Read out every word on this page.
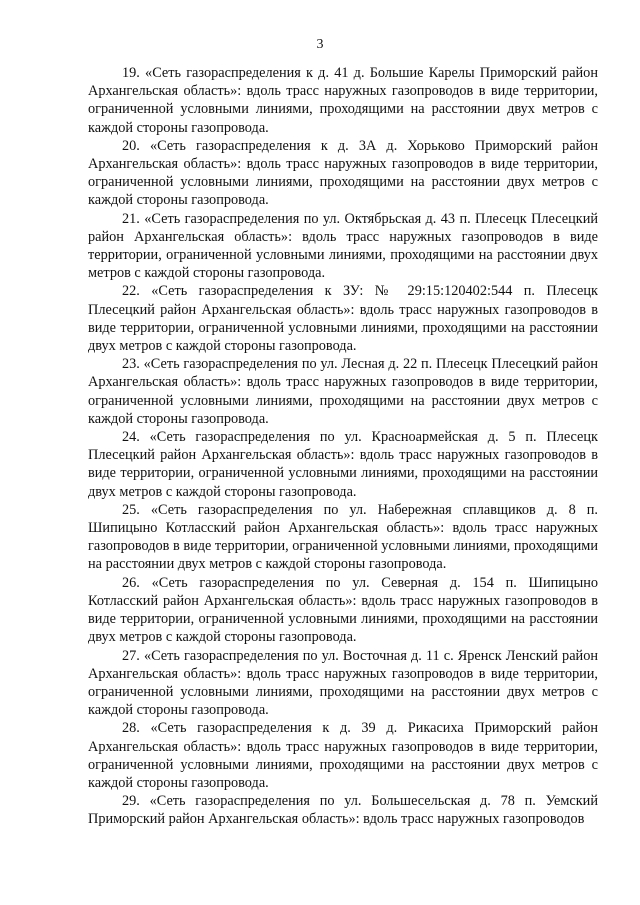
3

19. «Сеть газораспределения к д. 41 д. Большие Карелы Приморский район Архангельская область»: вдоль трасс наружных газопроводов в виде территории, ограниченной условными линиями, проходящими на расстоянии двух метров с каждой стороны газопровода.

20. «Сеть газораспределения к д. 3А д. Хорьково Приморский район Архангельская область»: вдоль трасс наружных газопроводов в виде территории, ограниченной условными линиями, проходящими на расстоянии двух метров с каждой стороны газопровода.

21. «Сеть газораспределения по ул. Октябрьская д. 43 п. Плесецк Плесецкий район Архангельская область»: вдоль трасс наружных газопроводов в виде территории, ограниченной условными линиями, проходящими на расстоянии двух метров с каждой стороны газопровода.

22. «Сеть газораспределения к ЗУ: № 29:15:120402:544 п. Плесецк Плесецкий район Архангельская область»: вдоль трасс наружных газопроводов в виде территории, ограниченной условными линиями, проходящими на расстоянии двух метров с каждой стороны газопровода.

23. «Сеть газораспределения по ул. Лесная д. 22 п. Плесецк Плесецкий район Архангельская область»: вдоль трасс наружных газопроводов в виде территории, ограниченной условными линиями, проходящими на расстоянии двух метров с каждой стороны газопровода.

24. «Сеть газораспределения по ул. Красноармейская д. 5 п. Плесецк Плесецкий район Архангельская область»: вдоль трасс наружных газопроводов в виде территории, ограниченной условными линиями, проходящими на расстоянии двух метров с каждой стороны газопровода.

25. «Сеть газораспределения по ул. Набережная сплавщиков д. 8 п. Шипицыно Котласский район Архангельская область»: вдоль трасс наружных газопроводов в виде территории, ограниченной условными линиями, проходящими на расстоянии двух метров с каждой стороны газопровода.

26. «Сеть газораспределения по ул. Северная д. 154 п. Шипицыно Котласский район Архангельская область»: вдоль трасс наружных газопроводов в виде территории, ограниченной условными линиями, проходящими на расстоянии двух метров с каждой стороны газопровода.

27. «Сеть газораспределения по ул. Восточная д. 11 с. Яренск Ленский район Архангельская область»: вдоль трасс наружных газопроводов в виде территории, ограниченной условными линиями, проходящими на расстоянии двух метров с каждой стороны газопровода.

28. «Сеть газораспределения к д. 39 д. Рикасиха Приморский район Архангельская область»: вдоль трасс наружных газопроводов в виде территории, ограниченной условными линиями, проходящими на расстоянии двух метров с каждой стороны газопровода.

29. «Сеть газораспределения по ул. Большесельская д. 78 п. Уемский Приморский район Архангельская область»: вдоль трасс наружных газопроводов
